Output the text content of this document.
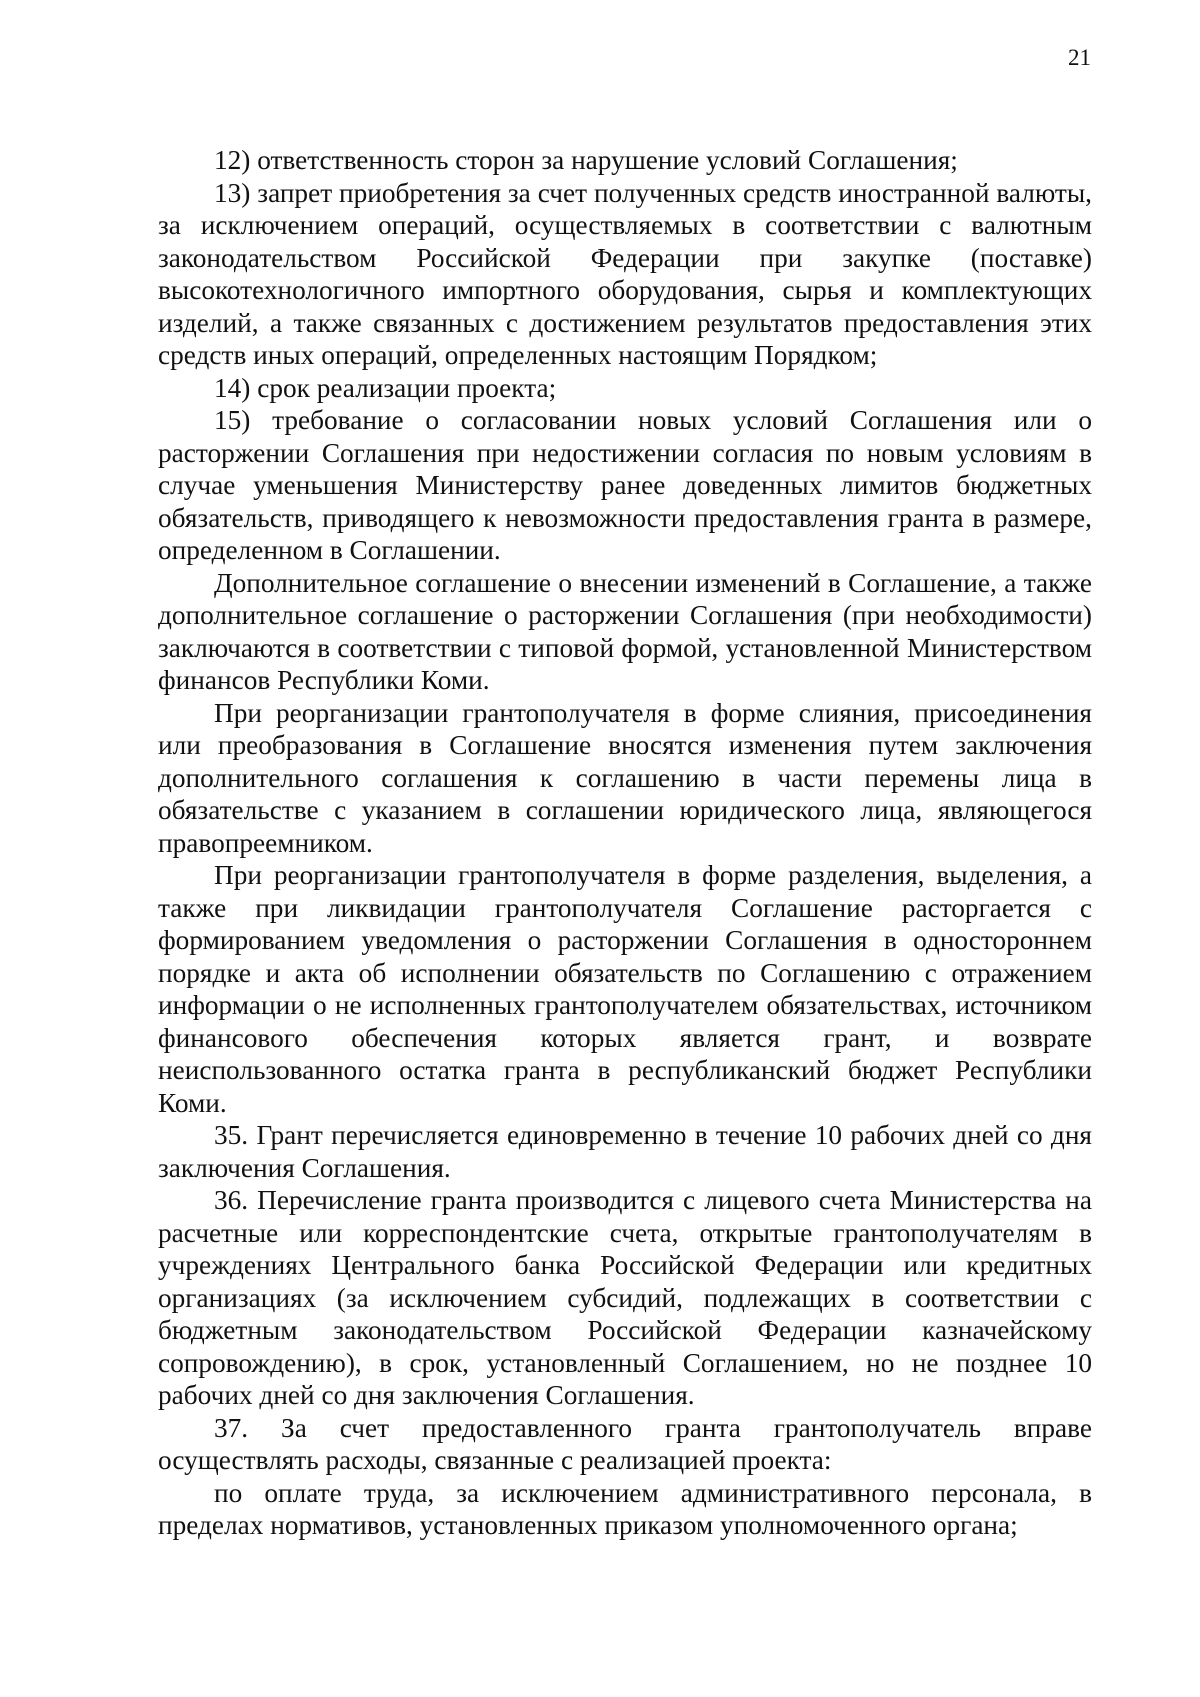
21

12) ответственность сторон за нарушение условий Соглашения;

13) запрет приобретения за счет полученных средств иностранной валюты, за исключением операций, осуществляемых в соответствии с валютным законодательством Российской Федерации при закупке (поставке) высокотехнологичного импортного оборудования, сырья и комплектующих изделий, а также связанных с достижением результатов предоставления этих средств иных операций, определенных настоящим Порядком;

14) срок реализации проекта;

15) требование о согласовании новых условий Соглашения или о расторжении Соглашения при недостижении согласия по новым условиям в случае уменьшения Министерству ранее доведенных лимитов бюджетных обязательств, приводящего к невозможности предоставления гранта в размере, определенном в Соглашении.

Дополнительное соглашение о внесении изменений в Соглашение, а также дополнительное соглашение о расторжении Соглашения (при необходимости) заключаются в соответствии с типовой формой, установленной Министерством финансов Республики Коми.

При реорганизации грантополучателя в форме слияния, присоединения или преобразования в Соглашение вносятся изменения путем заключения дополнительного соглашения к соглашению в части перемены лица в обязательстве с указанием в соглашении юридического лица, являющегося правопреемником.

При реорганизации грантополучателя в форме разделения, выделения, а также при ликвидации грантополучателя Соглашение расторгается с формированием уведомления о расторжении Соглашения в одностороннем порядке и акта об исполнении обязательств по Соглашению с отражением информации о не исполненных грантополучателем обязательствах, источником финансового обеспечения которых является грант, и возврате неиспользованного остатка гранта в республиканский бюджет Республики Коми.

35. Грант перечисляется единовременно в течение 10 рабочих дней со дня заключения Соглашения.

36. Перечисление гранта производится с лицевого счета Министерства на расчетные или корреспондентские счета, открытые грантополучателям в учреждениях Центрального банка Российской Федерации или кредитных организациях (за исключением субсидий, подлежащих в соответствии с бюджетным законодательством Российской Федерации казначейскому сопровождению), в срок, установленный Соглашением, но не позднее 10 рабочих дней со дня заключения Соглашения.

37. За счет предоставленного гранта грантополучатель вправе осуществлять расходы, связанные с реализацией проекта:

по оплате труда, за исключением административного персонала, в пределах нормативов, установленных приказом уполномоченного органа;
